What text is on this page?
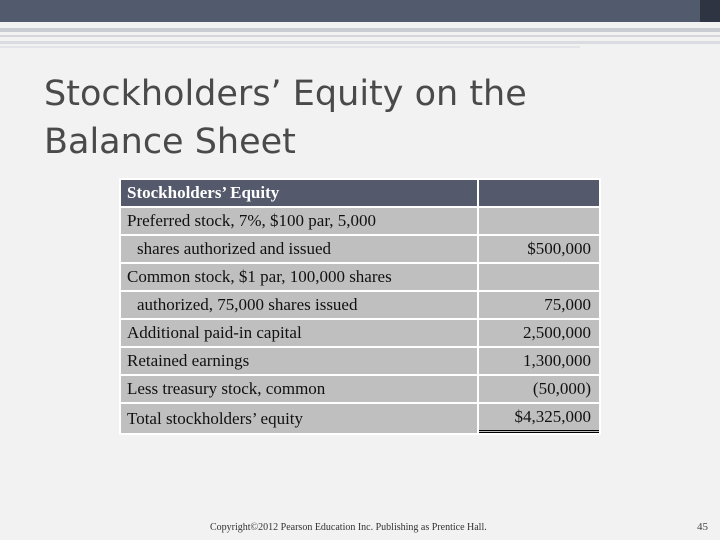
Stockholders’ Equity on the Balance Sheet
Stockholders’ Equity	
Preferred stock, 7%, $100 par, 5,000	
shares authorized and issued	$500,000
Common stock, $1 par, 100,000 shares	
authorized, 75,000 shares issued	75,000
Additional paid-in capital	2,500,000
Retained earnings	1,300,000
Less treasury stock, common	(50,000)
Total stockholders’ equity	$4,325,000
Copyright©2012 Pearson Education Inc. Publishing as Prentice Hall.	45
